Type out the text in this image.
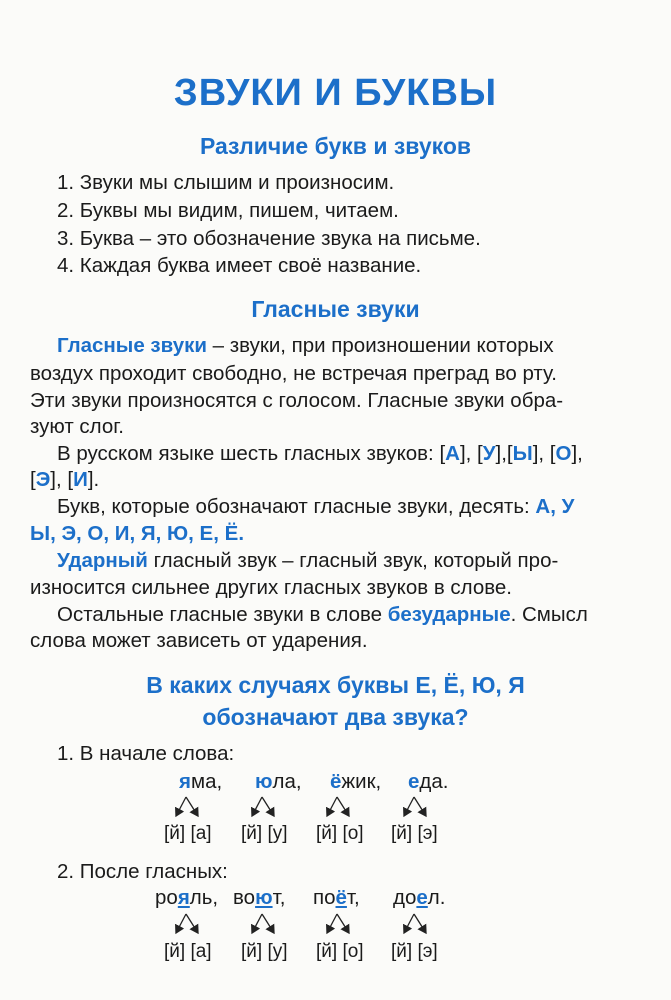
ЗВУКИ И БУКВЫ
Различие букв и звуков
1. Звуки мы слышим и произносим.
2. Буквы мы видим, пишем, читаем.
3. Буква – это обозначение звука на письме.
4. Каждая буква имеет своё название.
Гласные звуки
Гласные звуки – звуки, при произношении которых
воздух проходит свободно, не встречая преград во рту.
Эти звуки произносятся с голосом. Гласные звуки обра-
зуют слог.
В русском языке шесть гласных звуков: [А], [У],[Ы], [О],
[Э], [И].
Букв, которые обозначают гласные звуки, десять: А, У
Ы, Э, О, И, Я, Ю, Е, Ё.
Ударный гласный звук – гласный звук, который про-
износится сильнее других гласных звуков в слове.
Остальные гласные звуки в слове безударные. Смысл
слова может зависеть от ударения.
В каких случаях буквы Е, Ё, Ю, Я
обозначают два звука?
1. В начале слова:
яма, юла, ёжик, еда.
[й] [а] [й] [у] [й] [о] [й] [э]
2. После гласных:
рояль, воют, поёт, доел.
[й] [а] [й] [у] [й] [о] [й] [э]
